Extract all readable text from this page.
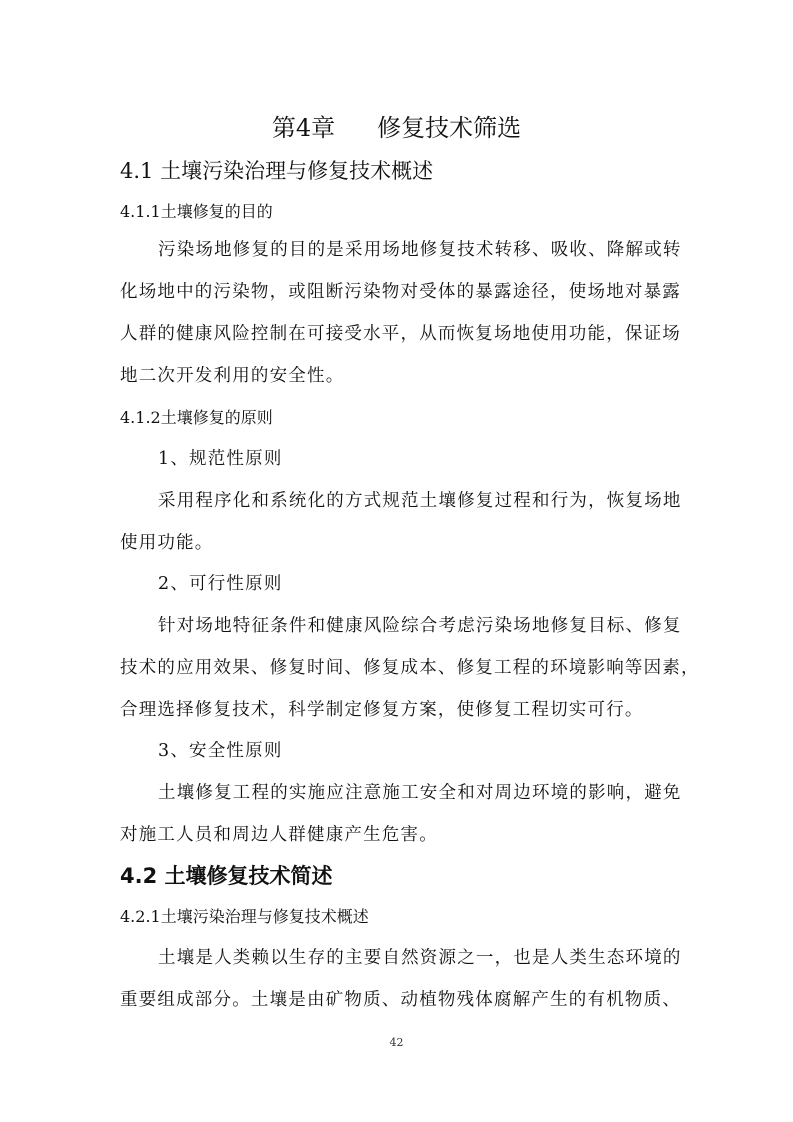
第4章 修复技术筛选
4.1 土壤污染治理与修复技术概述
4.1.1土壤修复的目的
污染场地修复的目的是采用场地修复技术转移、吸收、降解或转
化场地中的污染物，或阻断污染物对受体的暴露途径，使场地对暴露
人群的健康风险控制在可接受水平，从而恢复场地使用功能，保证场
地二次开发利用的安全性。
4.1.2土壤修复的原则
1、规范性原则
采用程序化和系统化的方式规范土壤修复过程和行为，恢复场地
使用功能。
2、可行性原则
针对场地特征条件和健康风险综合考虑污染场地修复目标、修复
技术的应用效果、修复时间、修复成本、修复工程的环境影响等因素，
合理选择修复技术，科学制定修复方案，使修复工程切实可行。
3、安全性原则
土壤修复工程的实施应注意施工安全和对周边环境的影响，避免
对施工人员和周边人群健康产生危害。
4.2 土壤修复技术简述
4.2.1土壤污染治理与修复技术概述
土壤是人类赖以生存的主要自然资源之一，也是人类生态环境的
重要组成部分。土壤是由矿物质、动植物残体腐解产生的有机物质、
42
